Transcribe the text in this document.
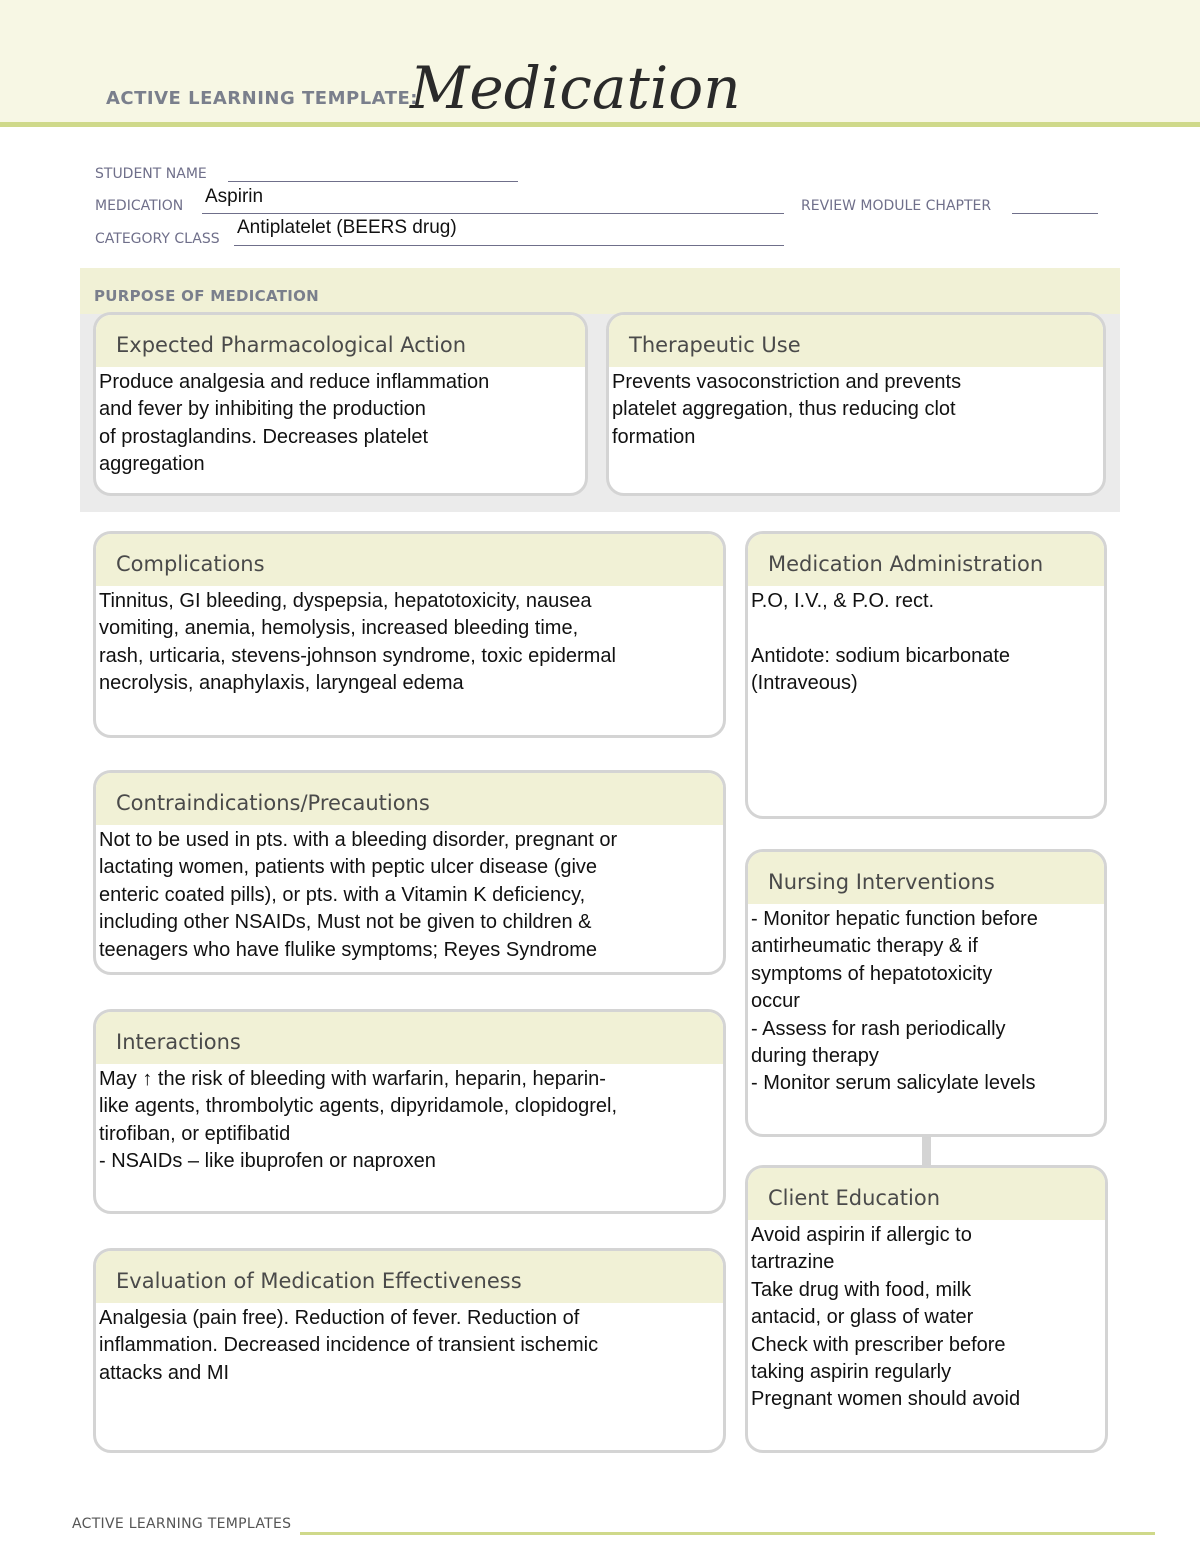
ACTIVE LEARNING TEMPLATE:
Medication
STUDENT NAME
MEDICATION Aspirin	REVIEW MODULE CHAPTER
CATEGORY CLASS
Antiplatelet (BEERS drug)
PURPOSE OF MEDICATION
Expected Pharmacological Action
Produce analgesia and reduce inflammation
and fever by inhibiting the production
of prostaglandins. Decreases platelet
aggregation
Therapeutic Use
Prevents vasoconstriction and prevents
platelet aggregation, thus reducing clot
formation
Complications
Tinnitus, GI bleeding, dyspepsia, hepatotoxicity, nausea
vomiting, anemia, hemolysis, increased bleeding time,
rash, urticaria, stevens-johnson syndrome, toxic epidermal
necrolysis, anaphylaxis, laryngeal edema
Contraindications/Precautions
Not to be used in pts. with a bleeding disorder, pregnant or
lactating women, patients with peptic ulcer disease (give
enteric coated pills), or pts. with a Vitamin K deficiency,
including other NSAIDs, Must not be given to children &
teenagers who have flulike symptoms; Reyes Syndrome
Interactions
May ↑ the risk of bleeding with warfarin, heparin, heparin-
like agents, thrombolytic agents, dipyridamole, clopidogrel,
tirofiban, or eptifibatid
- NSAIDs – like ibuprofen or naproxen
Evaluation of Medication Effectiveness
Analgesia (pain free). Reduction of fever. Reduction of
inflammation. Decreased incidence of transient ischemic
attacks and MI
Medication Administration
P.O, I.V., & P.O. rect.

Antidote: sodium bicarbonate
(Intraveous)
Nursing Interventions
- Monitor hepatic function before
antirheumatic therapy & if
symptoms of hepatotoxicity
occur
- Assess for rash periodically
during therapy
- Monitor serum salicylate levels
Client Education
Avoid aspirin if allergic to
tartrazine
Take drug with food, milk
antacid, or glass of water
Check with prescriber before
taking aspirin regularly
Pregnant women should avoid
ACTIVE LEARNING TEMPLATES
